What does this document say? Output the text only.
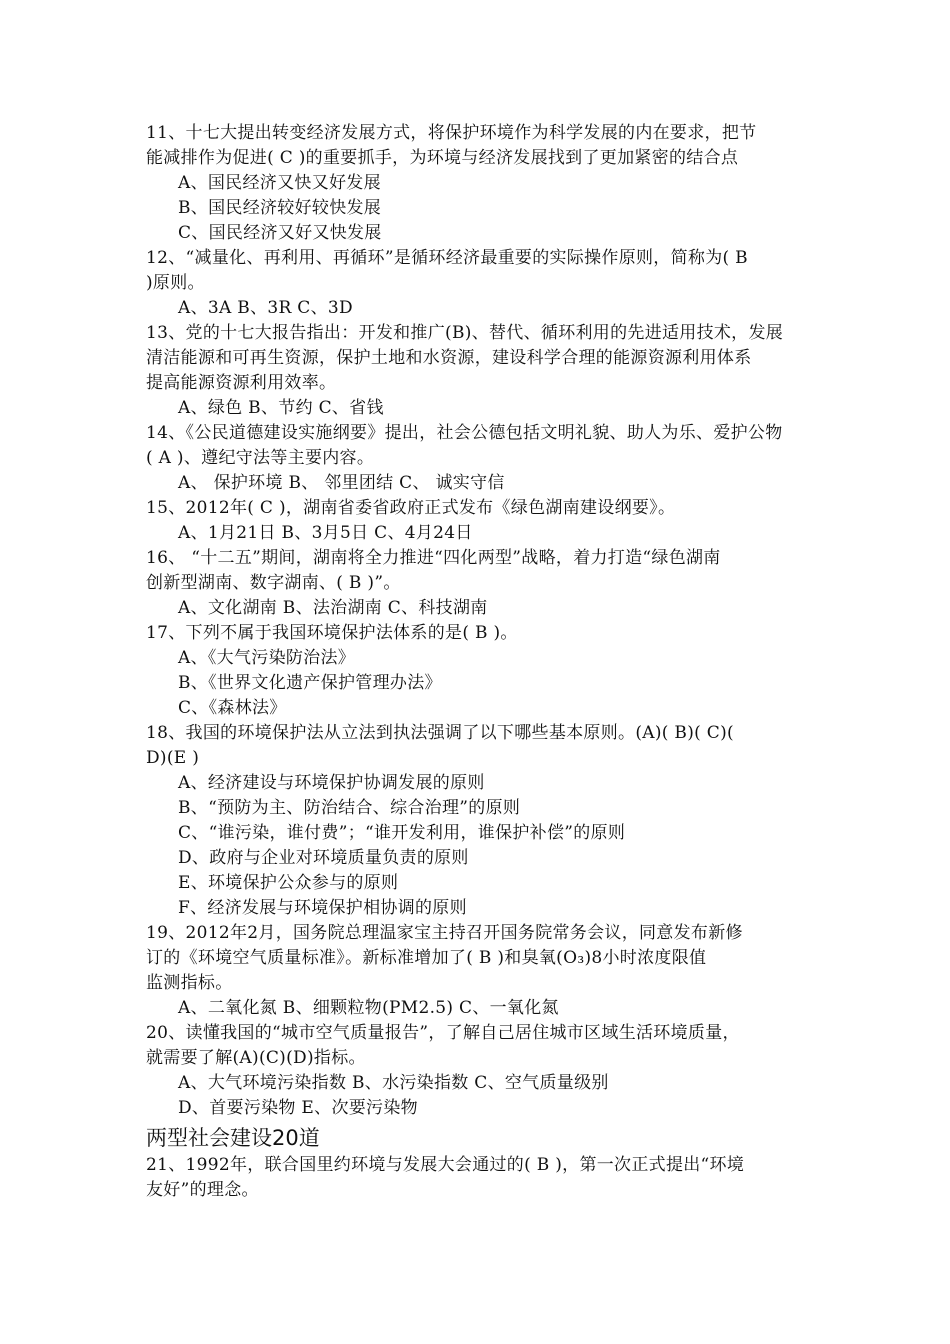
11、十七大提出转变经济发展方式，将保护环境作为科学发展的内在要求，把节
能减排作为促进( C )的重要抓手，为环境与经济发展找到了更加紧密的结合点
A、国民经济又快又好发展
B、国民经济较好较快发展
C、国民经济又好又快发展
12、“减量化、再利用、再循环”是循环经济最重要的实际操作原则，简称为( B
)原则。
A、3A B、3R C、3D
13、党的十七大报告指出：开发和推广(B)、替代、循环利用的先进适用技术，发展
清洁能源和可再生资源，保护土地和水资源，建设科学合理的能源资源利用体系
提高能源资源利用效率。
A、绿色 B、节约 C、省钱
14、《公民道德建设实施纲要》提出，社会公德包括文明礼貌、助人为乐、爱护公物
( A )、遵纪守法等主要内容。
A、 保护环境 B、 邻里团结 C、 诚实守信
15、2012年( C )，湖南省委省政府正式发布《绿色湖南建设纲要》。
A、1月21日 B、3月5日 C、4月24日
16、 “十二五”期间，湖南将全力推进“四化两型”战略，着力打造“绿色湖南
创新型湖南、数字湖南、( B )”。
A、文化湖南 B、法治湖南 C、科技湖南
17、下列不属于我国环境保护法体系的是( B )。
A、《大气污染防治法》
B、《世界文化遗产保护管理办法》
C、《森林法》
18、我国的环境保护法从立法到执法强调了以下哪些基本原则。(A)( B)( C)(
D)(E )
A、经济建设与环境保护协调发展的原则
B、“预防为主、防治结合、综合治理”的原则
C、“谁污染，谁付费”；“谁开发利用，谁保护补偿”的原则
D、政府与企业对环境质量负责的原则
E、环境保护公众参与的原则
F、经济发展与环境保护相协调的原则
19、2012年2月，国务院总理温家宝主持召开国务院常务会议，同意发布新修
订的《环境空气质量标准》。新标准增加了( B )和臭氧(O₃)8小时浓度限值
监测指标。
A、二氧化氮 B、细颗粒物(PM2.5) C、一氧化氮
20、读懂我国的“城市空气质量报告”，了解自己居住城市区域生活环境质量，
就需要了解(A)(C)(D)指标。
A、大气环境污染指数 B、水污染指数 C、空气质量级别
D、首要污染物 E、次要污染物
两型社会建设20道
21、1992年，联合国里约环境与发展大会通过的( B )，第一次正式提出“环境
友好”的理念。
